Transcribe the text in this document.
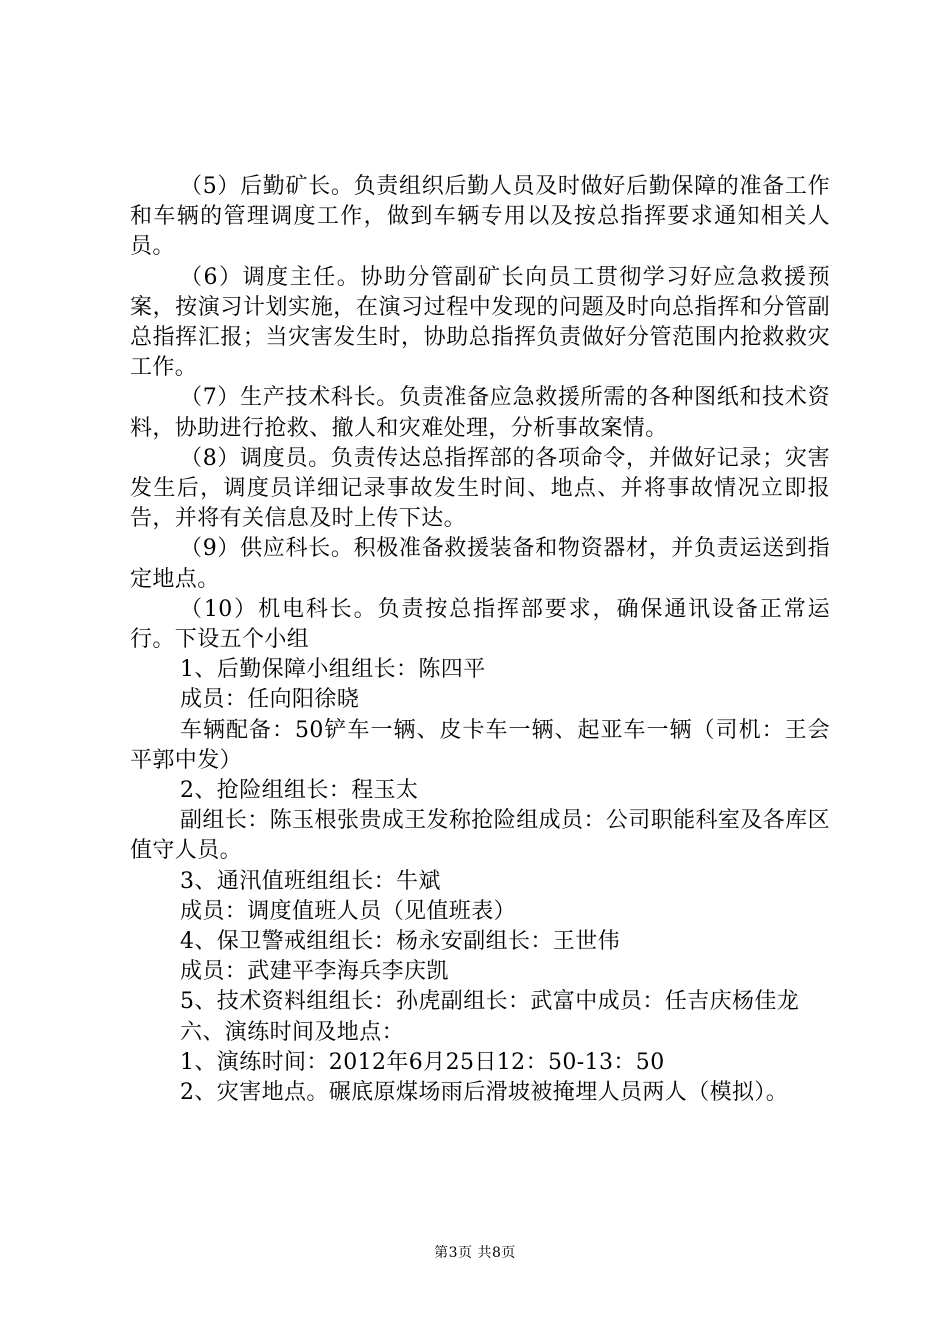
（5）后勤矿长。负责组织后勤人员及时做好后勤保障的准备工作和车辆的管理调度工作，做到车辆专用以及按总指挥要求通知相关人员。

（6）调度主任。协助分管副矿长向员工贯彻学习好应急救援预案，按演习计划实施，在演习过程中发现的问题及时向总指挥和分管副总指挥汇报；当灾害发生时，协助总指挥负责做好分管范围内抢救救灾工作。

（7）生产技术科长。负责准备应急救援所需的各种图纸和技术资料，协助进行抢救、撤人和灾难处理，分析事故案情。

（8）调度员。负责传达总指挥部的各项命令，并做好记录；灾害发生后，调度员详细记录事故发生时间、地点、并将事故情况立即报告，并将有关信息及时上传下达。

（9）供应科长。积极准备救援装备和物资器材，并负责运送到指定地点。

（10）机电科长。负责按总指挥部要求，确保通讯设备正常运行。下设五个小组

1、后勤保障小组组长：陈四平

成员：任向阳徐晓

车辆配备：50铲车一辆、皮卡车一辆、起亚车一辆（司机：王会平郭中发）

2、抢险组组长：程玉太

副组长：陈玉根张贵成王发称抢险组成员：公司职能科室及各库区值守人员。

3、通汛值班组组长：牛斌

成员：调度值班人员（见值班表）

4、保卫警戒组组长：杨永安副组长：王世伟

成员：武建平李海兵李庆凯

5、技术资料组组长：孙虎副组长：武富中成员：任吉庆杨佳龙

六、演练时间及地点：

1、演练时间：2012年6月25日12：50-13：50

2、灾害地点。碾底原煤场雨后滑坡被掩埋人员两人（模拟）。

第3页 共8页
